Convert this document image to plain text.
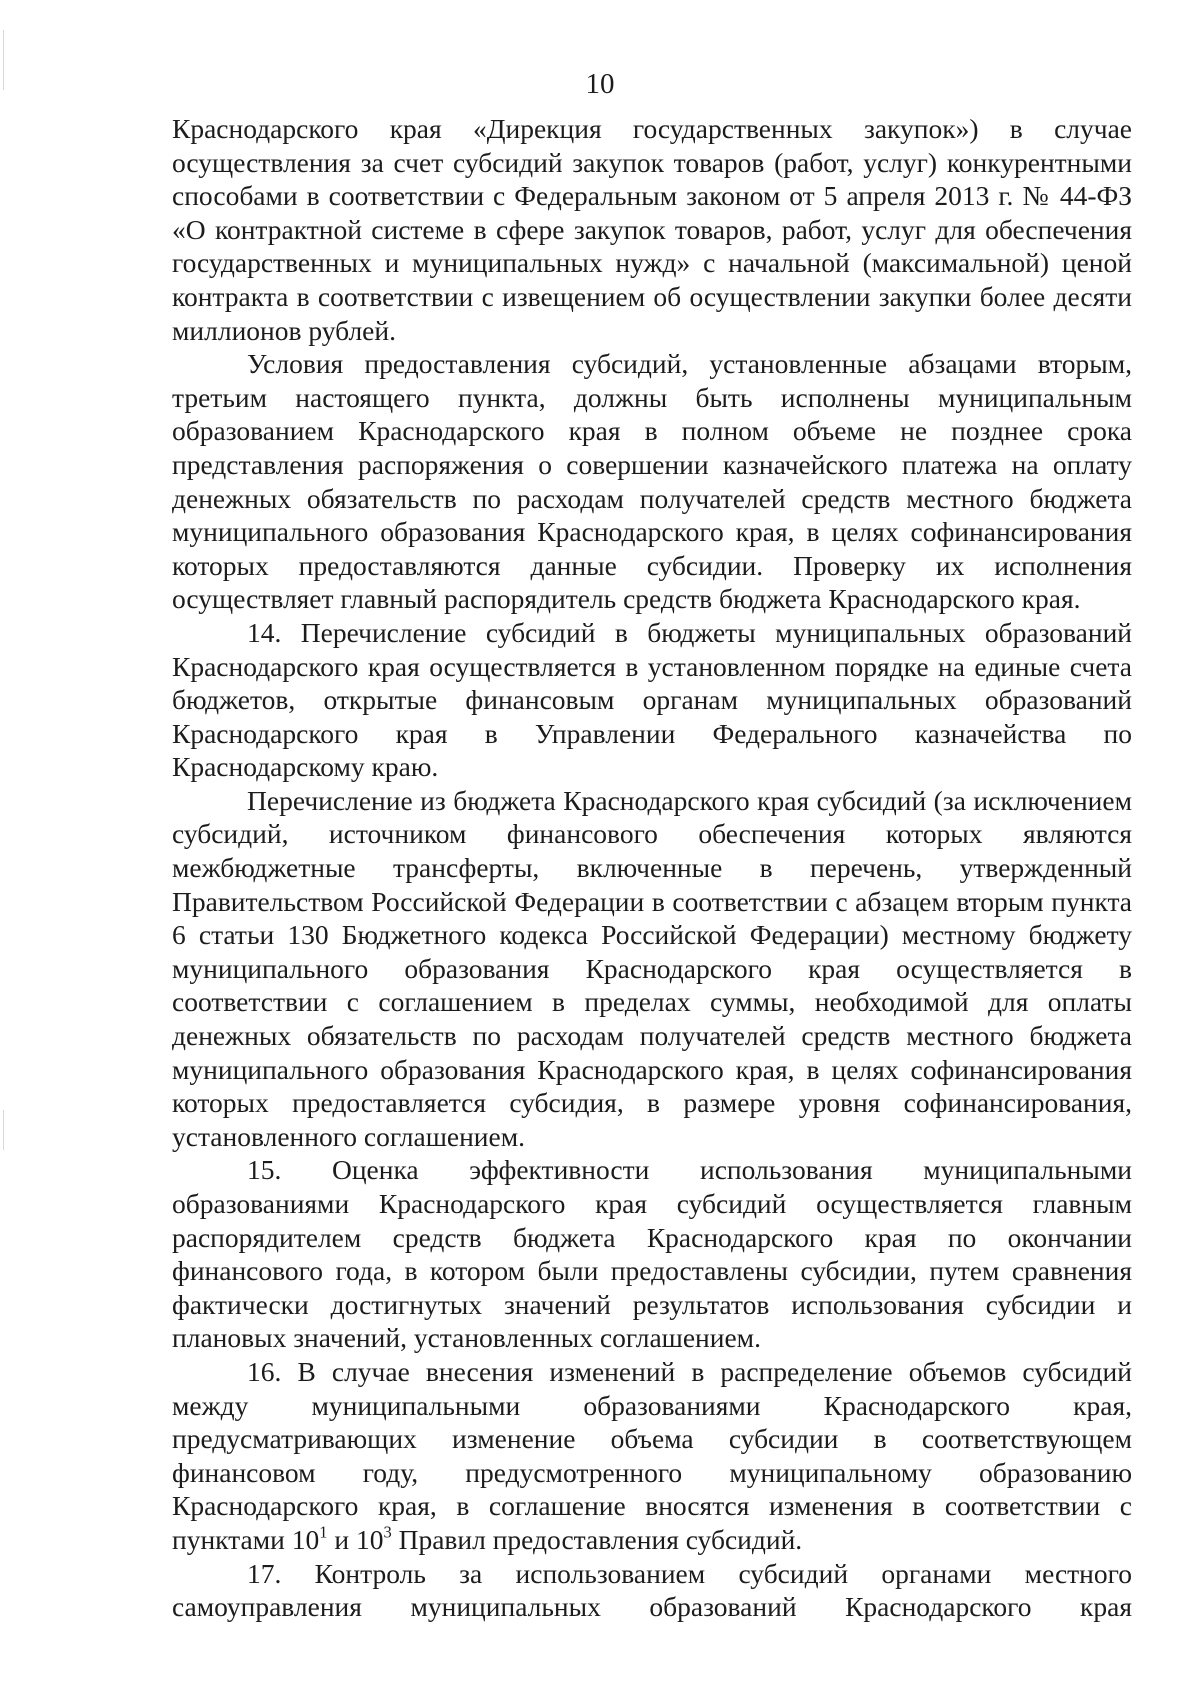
10

Краснодарского края «Дирекция государственных закупок») в случае осуществления за счет субсидий закупок товаров (работ, услуг) конкурентными способами в соответствии с Федеральным законом от 5 апреля 2013 г. № 44-ФЗ «О контрактной системе в сфере закупок товаров, работ, услуг для обеспечения государственных и муниципальных нужд» с начальной (максимальной) ценой контракта в соответствии с извещением об осуществлении закупки более десяти миллионов рублей.

Условия предоставления субсидий, установленные абзацами вторым, третьим настоящего пункта, должны быть исполнены муниципальным образованием Краснодарского края в полном объеме не позднее срока представления распоряжения о совершении казначейского платежа на оплату денежных обязательств по расходам получателей средств местного бюджета муниципального образования Краснодарского края, в целях софинансирования которых предоставляются данные субсидии. Проверку их исполнения осуществляет главный распорядитель средств бюджета Краснодарского края.

14. Перечисление субсидий в бюджеты муниципальных образований Краснодарского края осуществляется в установленном порядке на единые счета бюджетов, открытые финансовым органам муниципальных образований Краснодарского края в Управлении Федерального казначейства по Краснодарскому краю.

Перечисление из бюджета Краснодарского края субсидий (за исключением субсидий, источником финансового обеспечения которых являются межбюджетные трансферты, включенные в перечень, утвержденный Правительством Российской Федерации в соответствии с абзацем вторым пункта 6 статьи 130 Бюджетного кодекса Российской Федерации) местному бюджету муниципального образования Краснодарского края осуществляется в соответствии с соглашением в пределах суммы, необходимой для оплаты денежных обязательств по расходам получателей средств местного бюджета муниципального образования Краснодарского края, в целях софинансирования которых предоставляется субсидия, в размере уровня софинансирования, установленного соглашением.

15. Оценка эффективности использования муниципальными образованиями Краснодарского края субсидий осуществляется главным распорядителем средств бюджета Краснодарского края по окончании финансового года, в котором были предоставлены субсидии, путем сравнения фактически достигнутых значений результатов использования субсидии и плановых значений, установленных соглашением.

16. В случае внесения изменений в распределение объемов субсидий между муниципальными образованиями Краснодарского края, предусматривающих изменение объема субсидии в соответствующем финансовом году, предусмотренного муниципальному образованию Краснодарского края, в соглашение вносятся изменения в соответствии с пунктами $10^1$ и $10^3$ Правил предоставления субсидий.

17. Контроль за использованием субсидий органами местного самоуправления муниципальных образований Краснодарского края
